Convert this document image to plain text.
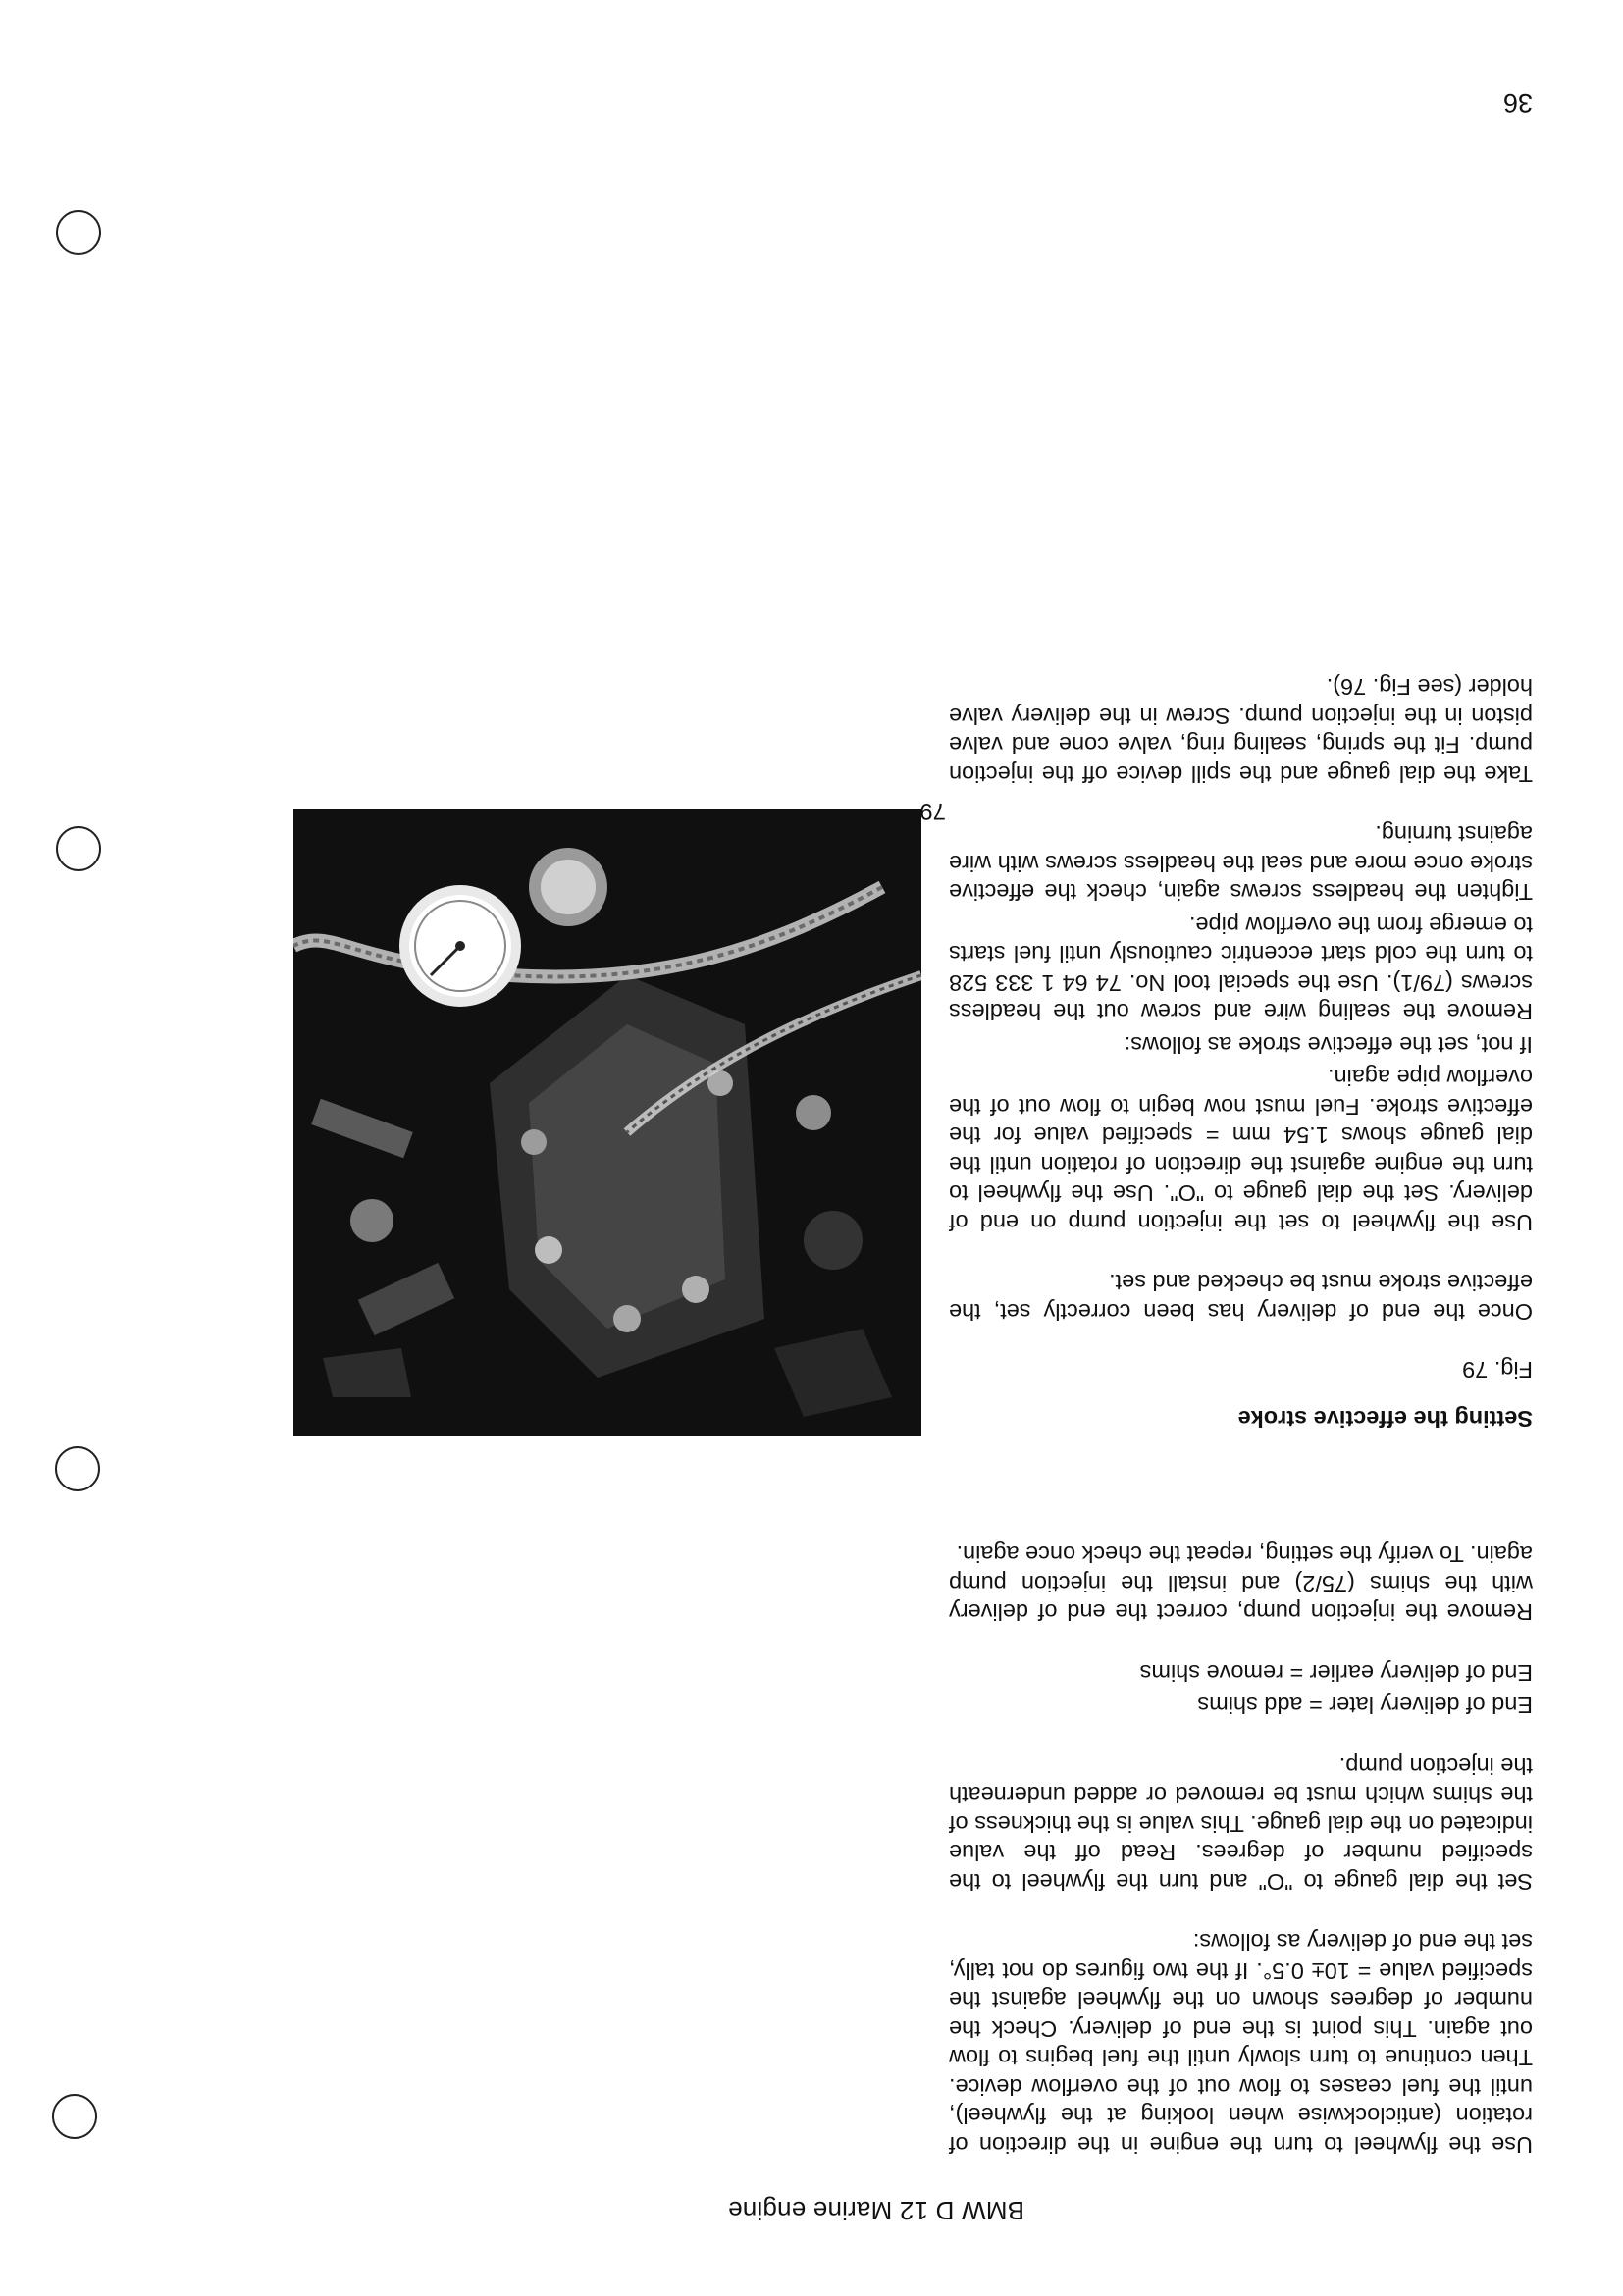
BMW D 12 Marine engine

Use the flywheel to turn the engine in the direction of rotation (anticlockwise when looking at the flywheel), until the fuel ceases to flow out of the overflow device. Then continue to turn slowly until the fuel begins to flow out again. This point is the end of delivery. Check the number of degrees shown on the flywheel against the specified value = 10± 0.5°. If the two figures do not tally, set the end of delivery as follows:

Set the dial gauge to "O" and turn the flywheel to the specified number of degrees. Read off the value indicated on the dial gauge. This value is the thickness of the shims which must be removed or added underneath the injection pump.

End of delivery later = add shims

End of delivery earlier = remove shims

Remove the injection pump, correct the end of delivery with the shims (75/2) and install the injection pump again. To verify the setting, repeat the check once again.

Setting the effective stroke
Fig. 79

Once the end of delivery has been correctly set, the effective stroke must be checked and set.

Use the flywheel to set the injection pump on end of delivery. Set the dial gauge to "O". Use the flywheel to turn the engine against the direction of rotation until the dial gauge shows 1.54 mm = specified value for the effective stroke. Fuel must now begin to flow out of the overflow pipe again.

If not, set the effective stroke as follows:

Remove the sealing wire and screw out the headless screws (79/1). Use the special tool No. 74 64 1 333 528 to turn the cold start eccentric cautiously until fuel starts to emerge from the overflow pipe.

Tighten the headless screws again, check the effective stroke once more and seal the headless screws with wire against turning.

Take the dial gauge and the spill device off the injection pump. Fit the spring, sealing ring, valve cone and valve piston in the injection pump. Screw in the delivery valve holder (see Fig. 76).

79
36
